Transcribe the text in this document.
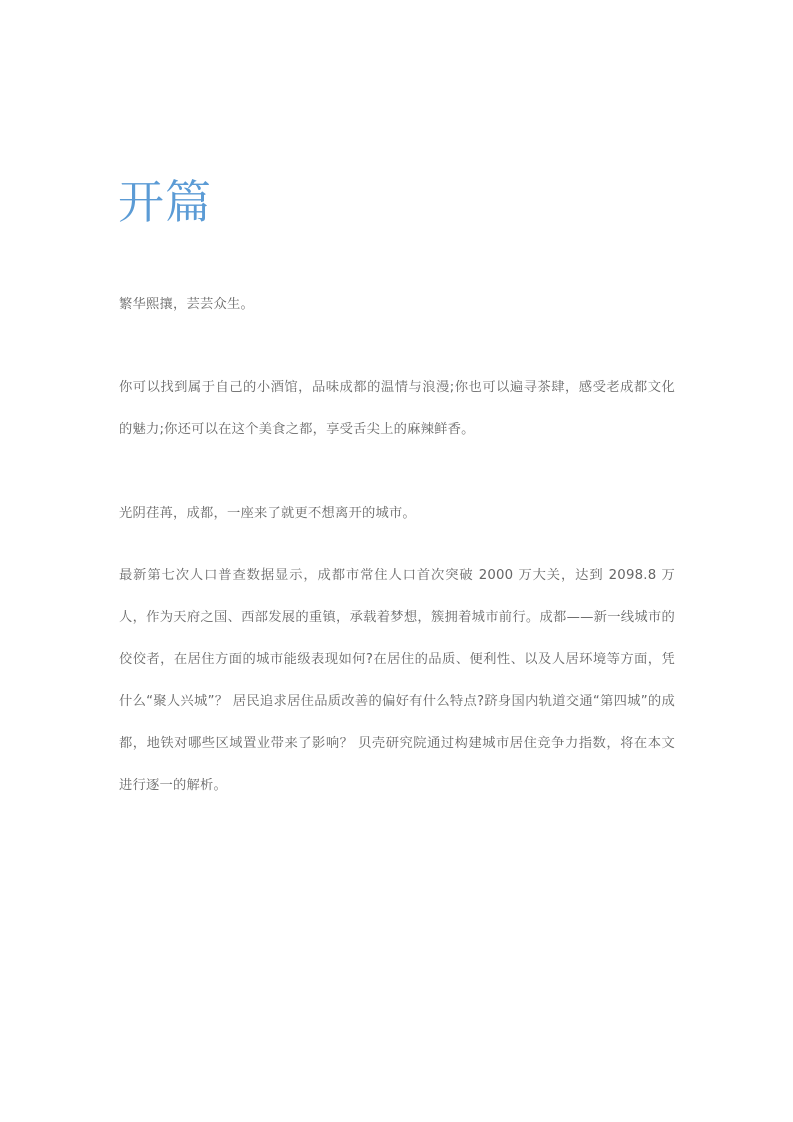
开篇

繁华熙攘，芸芸众生。

你可以找到属于自己的小酒馆，品味成都的温情与浪漫;你也可以遍寻茶肆，感受老成都文化的魅力;你还可以在这个美食之都，享受舌尖上的麻辣鲜香。

光阴荏苒，成都，一座来了就更不想离开的城市。

最新第七次人口普查数据显示，成都市常住人口首次突破 2000 万大关，达到 2098.8 万人，作为天府之国、西部发展的重镇，承载着梦想，簇拥着城市前行。成都——新一线城市的佼佼者，在居住方面的城市能级表现如何?在居住的品质、便利性、以及人居环境等方面，凭什么“聚人兴城”？ 居民追求居住品质改善的偏好有什么特点?跻身国内轨道交通“第四城”的成都，地铁对哪些区域置业带来了影响？ 贝壳研究院通过构建城市居住竞争力指数，将在本文进行逐一的解析。
